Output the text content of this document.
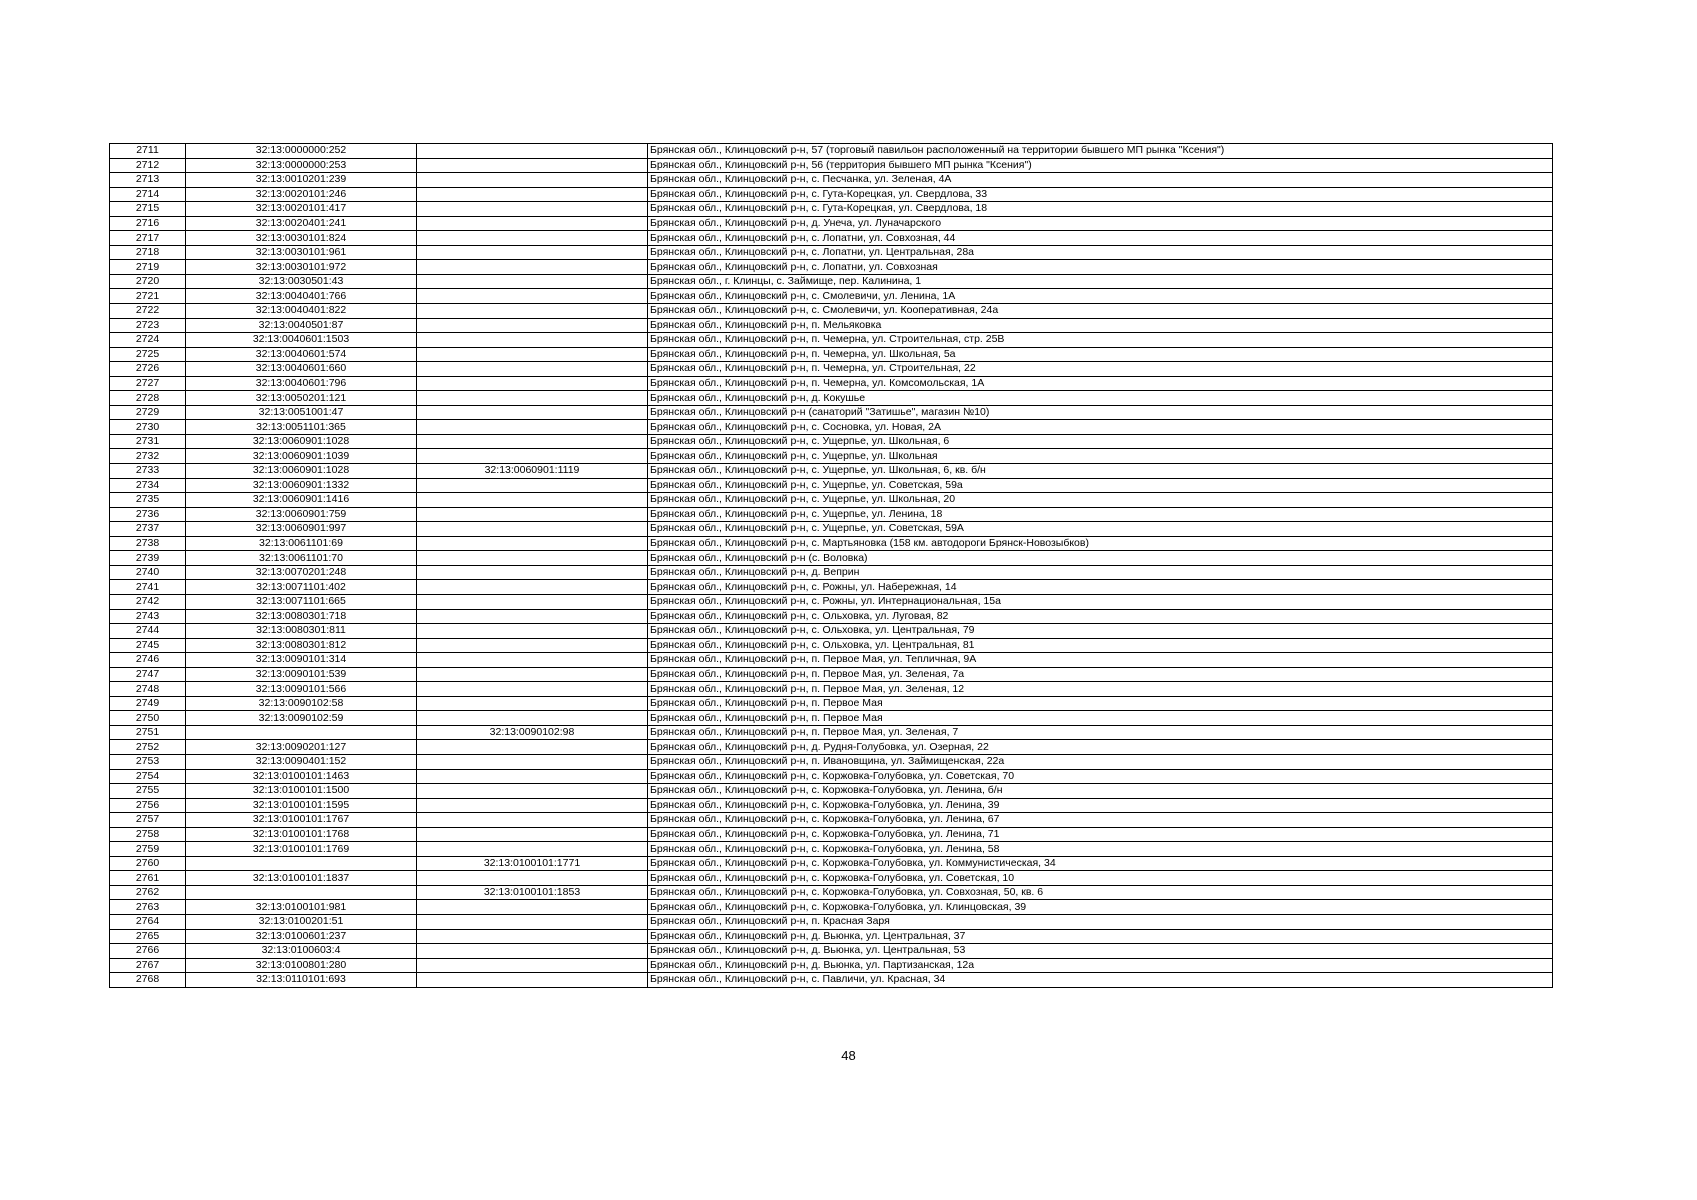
2711	32:13:0000000:252		Брянская обл., Клинцовский р-н, 57 (торговый павильон расположенный на территории бывшего МП рынка "Ксения")
2712	32:13:0000000:253		Брянская обл., Клинцовский р-н, 56 (территория бывшего МП рынка "Ксения")
2713	32:13:0010201:239		Брянская обл., Клинцовский р-н, с. Песчанка, ул. Зеленая, 4А
2714	32:13:0020101:246		Брянская обл., Клинцовский р-н, с. Гута-Корецкая, ул. Свердлова, 33
2715	32:13:0020101:417		Брянская обл., Клинцовский р-н, с. Гута-Корецкая, ул. Свердлова, 18
2716	32:13:0020401:241		Брянская обл., Клинцовский р-н, д. Унеча, ул. Луначарского
2717	32:13:0030101:824		Брянская обл., Клинцовский р-н, с. Лопатни, ул. Совхозная, 44
2718	32:13:0030101:961		Брянская обл., Клинцовский р-н, с. Лопатни, ул. Центральная, 28а
2719	32:13:0030101:972		Брянская обл., Клинцовский р-н, с. Лопатни, ул. Совхозная
2720	32:13:0030501:43		Брянская обл., г. Клинцы, с. Займище, пер. Калинина, 1
2721	32:13:0040401:766		Брянская обл., Клинцовский р-н, с. Смолевичи, ул. Ленина, 1А
2722	32:13:0040401:822		Брянская обл., Клинцовский р-н, с. Смолевичи, ул. Кооперативная, 24а
2723	32:13:0040501:87		Брянская обл., Клинцовский р-н, п. Мельяковка
2724	32:13:0040601:1503		Брянская обл., Клинцовский р-н, п. Чемерна, ул. Строительная, стр. 25В
2725	32:13:0040601:574		Брянская обл., Клинцовский р-н, п. Чемерна, ул. Школьная, 5а
2726	32:13:0040601:660		Брянская обл., Клинцовский р-н, п. Чемерна, ул. Строительная, 22
2727	32:13:0040601:796		Брянская обл., Клинцовский р-н, п. Чемерна, ул. Комсомольская, 1А
2728	32:13:0050201:121		Брянская обл., Клинцовский р-н, д. Кокушье
2729	32:13:0051001:47		Брянская обл., Клинцовский р-н (санаторий "Затишье", магазин №10)
2730	32:13:0051101:365		Брянская обл., Клинцовский р-н, с. Сосновка, ул. Новая, 2А
2731	32:13:0060901:1028		Брянская обл., Клинцовский р-н, с. Ущерпье, ул. Школьная, 6
2732	32:13:0060901:1039		Брянская обл., Клинцовский р-н, с. Ущерпье, ул. Школьная
2733	32:13:0060901:1028	32:13:0060901:1119	Брянская обл., Клинцовский р-н, с. Ущерпье, ул. Школьная, 6, кв. б/н
2734	32:13:0060901:1332		Брянская обл., Клинцовский р-н, с. Ущерпье, ул. Советская, 59а
2735	32:13:0060901:1416		Брянская обл., Клинцовский р-н, с. Ущерпье, ул. Школьная, 20
2736	32:13:0060901:759		Брянская обл., Клинцовский р-н, с. Ущерпье, ул. Ленина, 18
2737	32:13:0060901:997		Брянская обл., Клинцовский р-н, с. Ущерпье, ул. Советская, 59А
2738	32:13:0061101:69		Брянская обл., Клинцовский р-н, с. Мартьяновка (158 км. автодороги Брянск-Новозыбков)
2739	32:13:0061101:70		Брянская обл., Клинцовский р-н (с. Воловка)
2740	32:13:0070201:248		Брянская обл., Клинцовский р-н, д. Веприн
2741	32:13:0071101:402		Брянская обл., Клинцовский р-н, с. Рожны, ул. Набережная, 14
2742	32:13:0071101:665		Брянская обл., Клинцовский р-н, с. Рожны, ул. Интернациональная, 15а
2743	32:13:0080301:718		Брянская обл., Клинцовский р-н, с. Ольховка, ул. Луговая, 82
2744	32:13:0080301:811		Брянская обл., Клинцовский р-н, с. Ольховка, ул. Центральная, 79
2745	32:13:0080301:812		Брянская обл., Клинцовский р-н, с. Ольховка, ул. Центральная, 81
2746	32:13:0090101:314		Брянская обл., Клинцовский р-н, п. Первое Мая, ул. Тепличная, 9А
2747	32:13:0090101:539		Брянская обл., Клинцовский р-н, п. Первое Мая, ул. Зеленая, 7а
2748	32:13:0090101:566		Брянская обл., Клинцовский р-н, п. Первое Мая, ул. Зеленая, 12
2749	32:13:0090102:58		Брянская обл., Клинцовский р-н, п. Первое Мая
2750	32:13:0090102:59		Брянская обл., Клинцовский р-н, п. Первое Мая
2751		32:13:0090102:98	Брянская обл., Клинцовский р-н, п. Первое Мая, ул. Зеленая, 7
2752	32:13:0090201:127		Брянская обл., Клинцовский р-н, д. Рудня-Голубовка, ул. Озерная, 22
2753	32:13:0090401:152		Брянская обл., Клинцовский р-н, п. Ивановщина, ул. Займищенская, 22а
2754	32:13:0100101:1463		Брянская обл., Клинцовский р-н, с. Коржовка-Голубовка, ул. Советская, 70
2755	32:13:0100101:1500		Брянская обл., Клинцовский р-н, с. Коржовка-Голубовка, ул. Ленина, б/н
2756	32:13:0100101:1595		Брянская обл., Клинцовский р-н, с. Коржовка-Голубовка, ул. Ленина, 39
2757	32:13:0100101:1767		Брянская обл., Клинцовский р-н, с. Коржовка-Голубовка, ул. Ленина, 67
2758	32:13:0100101:1768		Брянская обл., Клинцовский р-н, с. Коржовка-Голубовка, ул. Ленина, 71
2759	32:13:0100101:1769		Брянская обл., Клинцовский р-н, с. Коржовка-Голубовка, ул. Ленина, 58
2760		32:13:0100101:1771	Брянская обл., Клинцовский р-н, с. Коржовка-Голубовка, ул. Коммунистическая, 34
2761	32:13:0100101:1837		Брянская обл., Клинцовский р-н, с. Коржовка-Голубовка, ул. Советская, 10
2762		32:13:0100101:1853	Брянская обл., Клинцовский р-н, с. Коржовка-Голубовка, ул. Совхозная, 50, кв. 6
2763	32:13:0100101:981		Брянская обл., Клинцовский р-н, с. Коржовка-Голубовка, ул. Клинцовская, 39
2764	32:13:0100201:51		Брянская обл., Клинцовский р-н, п. Красная Заря
2765	32:13:0100601:237		Брянская обл., Клинцовский р-н, д. Вьюнка, ул. Центральная, 37
2766	32:13:0100603:4		Брянская обл., Клинцовский р-н, д. Вьюнка, ул. Центральная, 53
2767	32:13:0100801:280		Брянская обл., Клинцовский р-н, д. Вьюнка, ул. Партизанская, 12а
2768	32:13:0110101:693		Брянская обл., Клинцовский р-н, с. Павличи, ул. Красная, 34
48
